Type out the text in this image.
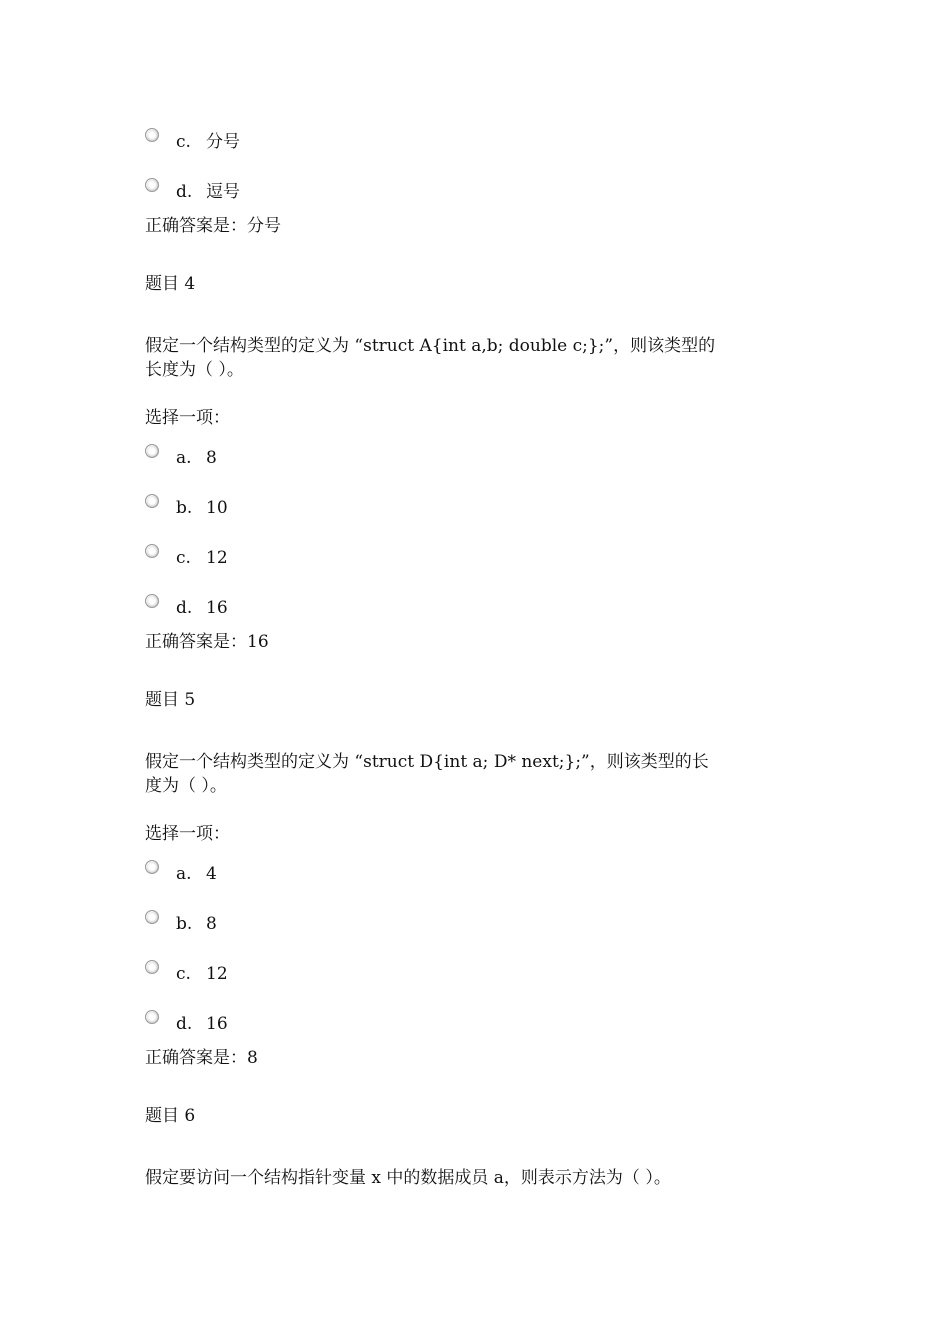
c. 分号
d. 逗号
正确答案是：分号
题目 4
假定一个结构类型的定义为 “struct A{int a,b; double c;};”，则该类型的
长度为（ ）。
选择一项：
a. 8
b. 10
c. 12
d. 16
正确答案是：16
题目 5
假定一个结构类型的定义为 “struct D{int a; D* next;};”，则该类型的长
度为（ ）。
选择一项：
a. 4
b. 8
c. 12
d. 16
正确答案是：8
题目 6
假定要访问一个结构指针变量 x 中的数据成员 a，则表示方法为（ ）。
